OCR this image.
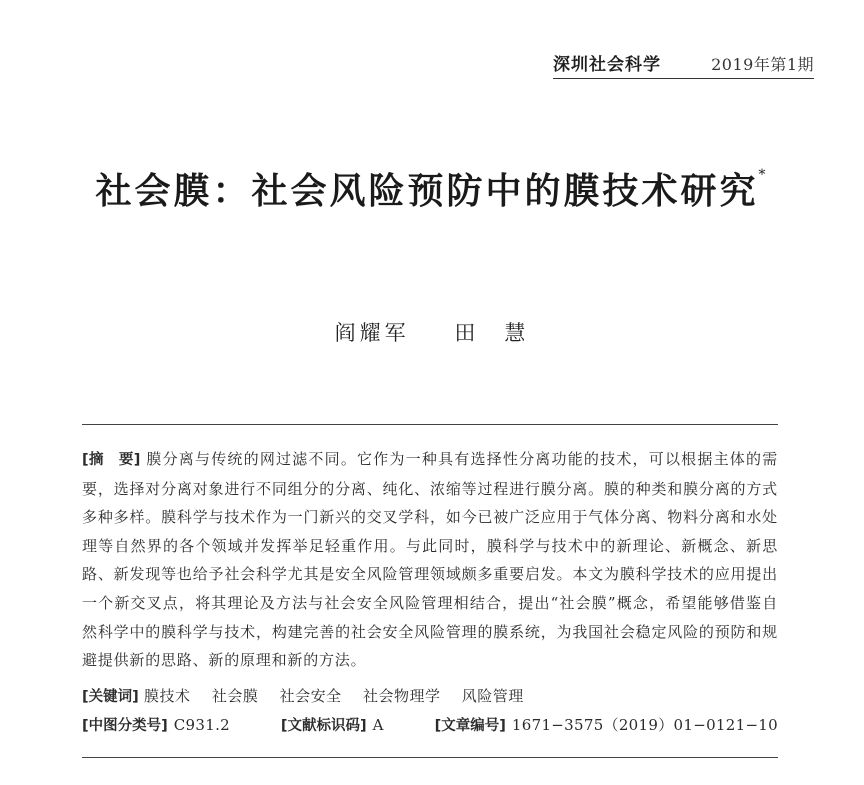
深圳社会科学	2019年第1期
社会膜：社会风险预防中的膜技术研究*
阎耀军 田　慧
[摘　要] 膜分离与传统的网过滤不同。它作为一种具有选择性分离功能的技术，可以根据主体的需要，选择对分离对象进行不同组分的分离、纯化、浓缩等过程进行膜分离。膜的种类和膜分离的方式多种多样。膜科学与技术作为一门新兴的交叉学科，如今已被广泛应用于气体分离、物料分离和水处理等自然界的各个领域并发挥举足轻重作用。与此同时，膜科学与技术中的新理论、新概念、新思路、新发现等也给予社会科学尤其是安全风险管理领域颇多重要启发。本文为膜科学技术的应用提出一个新交叉点，将其理论及方法与社会安全风险管理相结合，提出“社会膜”概念，希望能够借鉴自然科学中的膜科学与技术，构建完善的社会安全风险管理的膜系统，为我国社会稳定风险的预防和规避提供新的思路、新的原理和新的方法。
[关键词] 膜技术 社会膜 社会安全 社会物理学 风险管理
[中图分类号] C931.2	[文献标识码] A	[文章编号] 1671−3575（2019）01−0121−10
